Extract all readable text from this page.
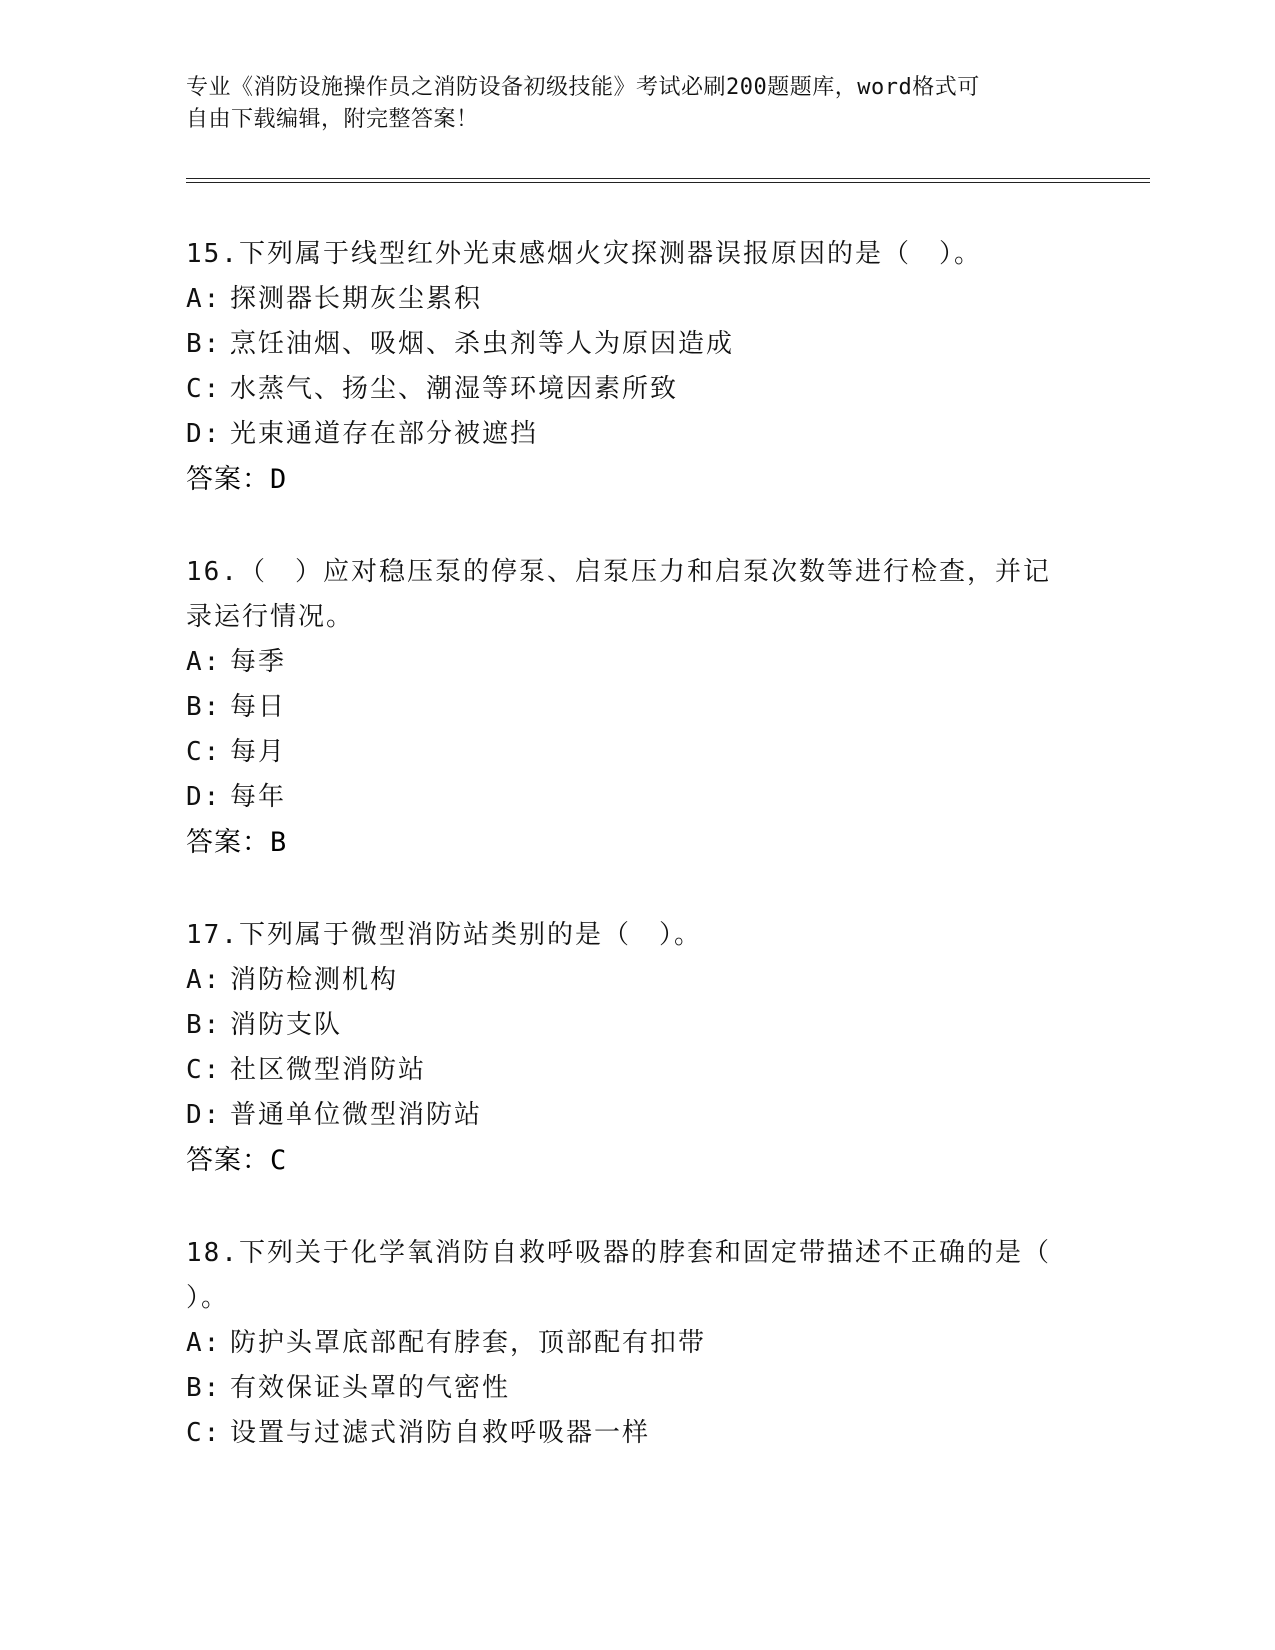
专业《消防设施操作员之消防设备初级技能》考试必刷200题题库，word格式可
自由下载编辑，附完整答案！
15.下列属于线型红外光束感烟火灾探测器误报原因的是（　）。
A: 探测器长期灰尘累积
B: 烹饪油烟、吸烟、杀虫剂等人为原因造成
C: 水蒸气、扬尘、潮湿等环境因素所致
D: 光束通道存在部分被遮挡
答案：D
16.（　）应对稳压泵的停泵、启泵压力和启泵次数等进行检查，并记
录运行情况。
A: 每季
B: 每日
C: 每月
D: 每年
答案：B
17.下列属于微型消防站类别的是（　）。
A: 消防检测机构
B: 消防支队
C: 社区微型消防站
D: 普通单位微型消防站
答案：C
18.下列关于化学氧消防自救呼吸器的脖套和固定带描述不正确的是（
）。
A: 防护头罩底部配有脖套，顶部配有扣带
B: 有效保证头罩的气密性
C: 设置与过滤式消防自救呼吸器一样
